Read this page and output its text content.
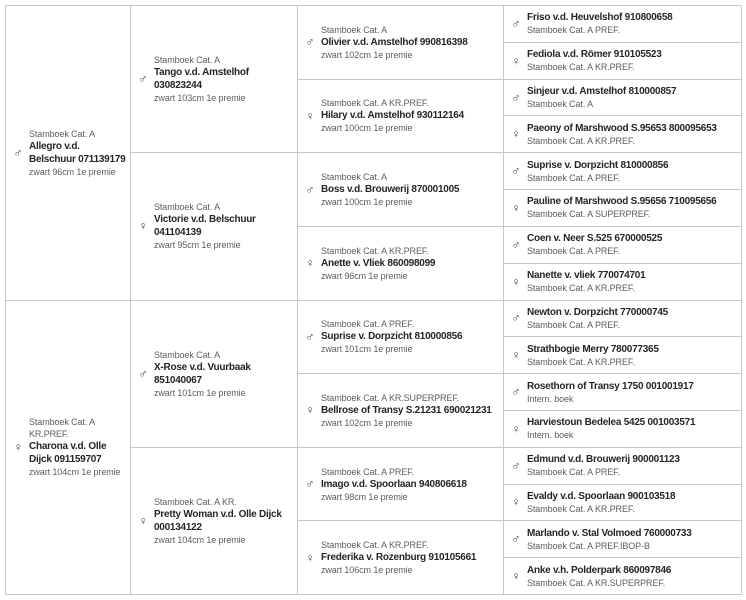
♂
Stamboek Cat. A
Allegro v.d. Belschuur 071139179
zwart 96cm 1e premie
♀
Stamboek Cat. A KR.PREF.
Charona v.d. Olle Dijck 091159707
zwart 104cm 1e premie
♂
Stamboek Cat. A
Tango v.d. Amstelhof 030823244
zwart 103cm 1e premie
♀
Stamboek Cat. A
Victorie v.d. Belschuur 041104139
zwart 95cm 1e premie
♂
Stamboek Cat. A
X-Rose v.d. Vuurbaak 851040067
zwart 101cm 1e premie
♀
Stamboek Cat. A KR.
Pretty Woman v.d. Olle Dijck 000134122
zwart 104cm 1e premie
♂
Stamboek Cat. A
Olivier v.d. Amstelhof 990816398
zwart 102cm 1e premie
♀
Stamboek Cat. A KR.PREF.
Hilary v.d. Amstelhof 930112164
zwart 100cm 1e premie
♂
Stamboek Cat. A
Boss v.d. Brouwerij 870001005
zwart 100cm 1e premie
♀
Stamboek Cat. A KR.PREF.
Anette v. Vliek 860098099
zwart 96cm 1e premie
♂
Stamboek Cat. A PREF.
Suprise v. Dorpzicht 810000856
zwart 101cm 1e premie
♀
Stamboek Cat. A KR.SUPERPREF.
Bellrose of Transy S.21231 690021231
zwart 102cm 1e premie
♂
Stamboek Cat. A PREF.
Imago v.d. Spoorlaan 940806618
zwart 98cm 1e premie
♀
Stamboek Cat. A KR.PREF.
Frederika v. Rozenburg 910105661
zwart 106cm 1e premie
♂ Friso v.d. Heuvelshof 910800658
Stamboek Cat. A PREF.
♀ Fediola v.d. Römer 910105523
Stamboek Cat. A KR.PREF.
♂ Sinjeur v.d. Amstelhof 810000857
Stamboek Cat. A
♀ Paeony of Marshwood S.95653 800095653
Stamboek Cat. A KR.PREF.
♂ Suprise v. Dorpzicht 810000856
Stamboek Cat. A PREF.
♀ Pauline of Marshwood S.95656 710095656
Stamboek Cat. A SUPERPREF.
♂ Coen v. Neer S.525 670000525
Stamboek Cat. A PREF.
♀ Nanette v. vliek 770074701
Stamboek Cat. A KR.PREF.
♂ Newton v. Dorpzicht 770000745
Stamboek Cat. A PREF.
♀ Strathbogie Merry 780077365
Stamboek Cat. A KR.PREF.
♂ Rosethorn of Transy 1750 001001917
Intern. boek
♀ Harviestoun Bedelea 5425 001003571
Intern. boek
♂ Edmund v.d. Brouwerij 900001123
Stamboek Cat. A PREF.
♀ Evaldy v.d. Spoorlaan 900103518
Stamboek Cat. A KR.PREF.
♂ Marlando v. Stal Volmoed 760000733
Stamboek Cat. A PREF.IBOP-B
♀ Anke v.h. Polderpark 860097846
Stamboek Cat. A KR.SUPERPREF.
